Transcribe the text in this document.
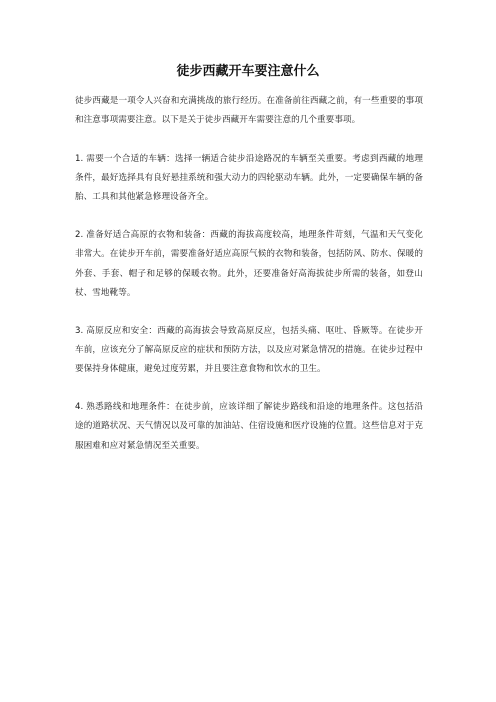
徒步西藏开车要注意什么

徒步西藏是一项令人兴奋和充满挑战的旅行经历。在准备前往西藏之前，有一些重要的事项和注意事项需要注意。以下是关于徒步西藏开车需要注意的几个重要事项。

1. 需要一个合适的车辆：选择一辆适合徒步沿途路况的车辆至关重要。考虑到西藏的地理条件，最好选择具有良好悬挂系统和强大动力的四轮驱动车辆。此外，一定要确保车辆的备胎、工具和其他紧急修理设备齐全。

2. 准备好适合高原的衣物和装备：西藏的海拔高度较高，地理条件苛刻，气温和天气变化非常大。在徒步开车前，需要准备好适应高原气候的衣物和装备，包括防风、防水、保暖的外套、手套、帽子和足够的保暖衣物。此外，还要准备好高海拔徒步所需的装备，如登山杖、雪地靴等。

3. 高原反应和安全：西藏的高海拔会导致高原反应，包括头痛、呕吐、昏厥等。在徒步开车前，应该充分了解高原反应的症状和预防方法，以及应对紧急情况的措施。在徒步过程中要保持身体健康，避免过度劳累，并且要注意食物和饮水的卫生。

4. 熟悉路线和地理条件：在徒步前，应该详细了解徒步路线和沿途的地理条件。这包括沿途的道路状况、天气情况以及可靠的加油站、住宿设施和医疗设施的位置。这些信息对于克服困难和应对紧急情况至关重要。
